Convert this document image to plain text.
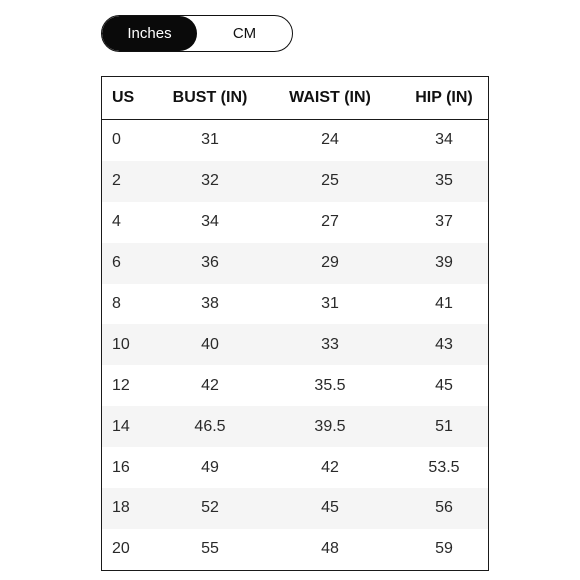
Inches	CM
US	BUST (IN)	WAIST (IN)	HIP (IN)
0	31	24	34
2	32	25	35
4	34	27	37
6	36	29	39
8	38	31	41
10	40	33	43
12	42	35.5	45
14	46.5	39.5	51
16	49	42	53.5
18	52	45	56
20	55	48	59
